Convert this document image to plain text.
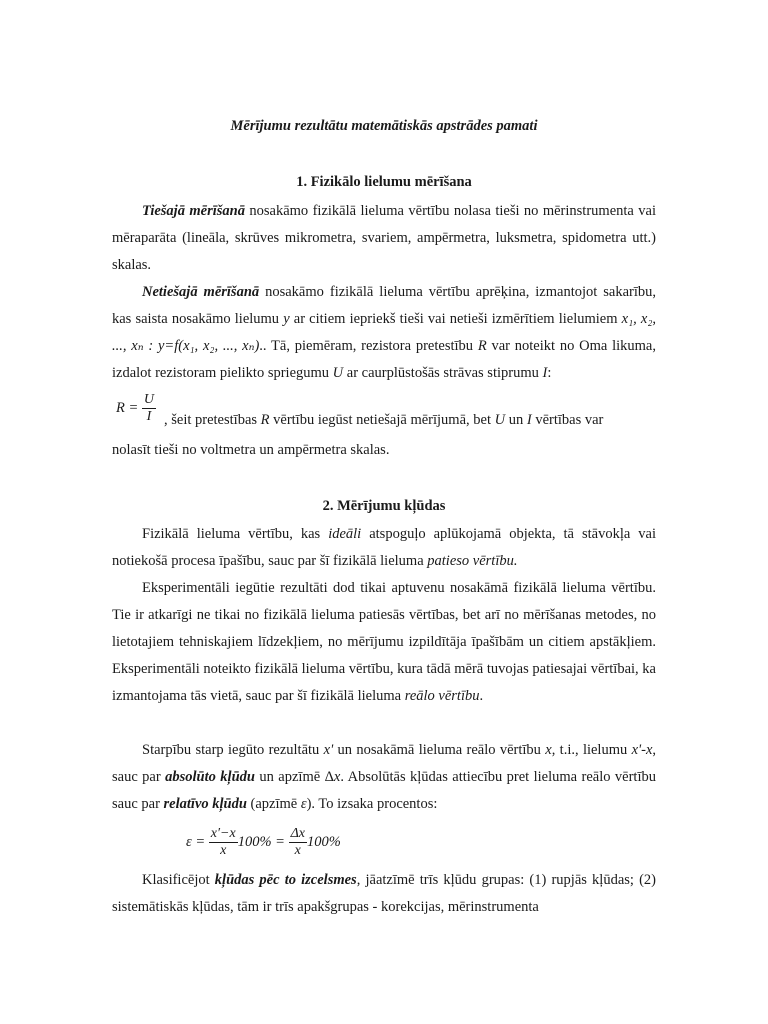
Mērījumu rezultātu matemātiskās apstrādes pamati
1. Fizikālo lielumu mērīšana

Tiešajā mērīšanā nosakāmo fizikālā lieluma vērtību nolasa tieši no mērinstrumenta vai mēraparāta (lineāla, skrūves mikrometra, svariem, ampērmetra, luksmetra, spidometra utt.) skalas.

Netiešajā mērīšanā nosakāmo fizikālā lieluma vērtību aprēķina, izmantojot sakarību, kas saista nosakāmo lielumu y ar citiem iepriekš tieši vai netieši izmērītiem lielumiem x₁, x₂, ..., xₙ : y=f(x₁, x₂, ..., xₙ).. Tā, piemēram, rezistora pretestību R var noteikt no Oma likuma, izdalot rezistoram pielikto spriegumu U ar caurplūstošās strāvas stiprumu I:

$R = \frac{U}{I}$ , šeit pretestības R vērtību iegūst netiešajā mērījumā, bet U un I vērtības var
nolasīt tieši no voltmetra un ampērmetra skalas.
2. Mērījumu kļūdas

Fizikālā lieluma vērtību, kas ideāli atspoguļo aplūkojamā objekta, tā stāvokļa vai notiekošā procesa īpašību, sauc par šī fizikālā lieluma patieso vērtību.

Eksperimentāli iegūtie rezultāti dod tikai aptuvenu nosakāmā fizikālā lieluma vērtību. Tie ir atkarīgi ne tikai no fizikālā lieluma patiesās vērtības, bet arī no mērīšanas metodes, no lietotajiem tehniskajiem līdzekļiem, no mērījumu izpildītāja īpašībām un citiem apstākļiem. Eksperimentāli noteikto fizikālā lieluma vērtību, kura tādā mērā tuvojas patiesajai vērtībai, ka izmantojama tās vietā, sauc par šī fizikālā lieluma reālo vērtību.

Starpību starp iegūto rezultātu x' un nosakāmā lieluma reālo vērtību x, t.i., lielumu x'-x, sauc par absolūto kļūdu un apzīmē Δx. Absolūtās kļūdas attiecību pret lieluma reālo vērtību sauc par relatīvo kļūdu (apzīmē ε). To izsaka procentos:

$\varepsilon = \frac{x'-x}{x} 100\% = \frac{\Delta x}{x} 100\%$

Klasificējot kļūdas pēc to izcelsmes, jāatzīmē trīs kļūdu grupas: (1) rupjās kļūdas; (2) sistemātiskās kļūdas, tām ir trīs apakšgrupas - korekcijas, mērinstrumenta
